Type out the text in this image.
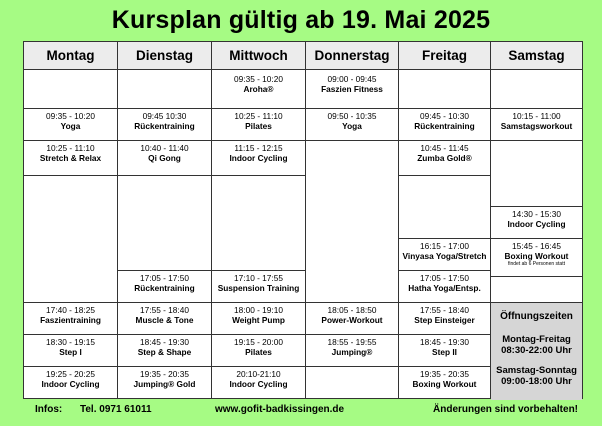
Kursplan gültig ab 19. Mai 2025
Montag
09:35 - 10:20
Yoga
10:25 - 11:10
Stretch & Relax
17:40 - 18:25
Faszientraining
18:30 - 19:15
Step I
19:25 - 20:25
Indoor Cycling
Dienstag
09:45 10:30
Rückentraining
10:40 - 11:40
Qi Gong
17:05 - 17:50
Rückentraining
17:55 - 18:40
Muscle & Tone
18:45 - 19:30
Step & Shape
19:35 - 20:35
Jumping® Gold
Mittwoch
09:35 - 10:20
Aroha®
10:25 - 11:10
Pilates
11:15 - 12:15
Indoor Cycling
17:10 - 17:55
Suspension Training
18:00 - 19:10
Weight Pump
19:15 - 20:00
Pilates
20:10-21:10
Indoor Cycling
Donnerstag
09:00 - 09:45
Faszien Fitness
09:50 - 10:35
Yoga
18:05 - 18:50
Power-Workout
18:55 - 19:55
Jumping®
Freitag
09:45 - 10:30
Rückentraining
10:45 - 11:45
Zumba Gold®
16:15 - 17:00
Vinyasa Yoga/Stretch
17:05 - 17:50
Hatha Yoga/Entsp.
17:55 - 18:40
Step Einsteiger
18:45 - 19:30
Step II
19:35 - 20:35
Boxing Workout
Samstag
10:15 - 11:00
Samstagsworkout
14:30 - 15:30
Indoor Cycling
15:45 - 16:45
Boxing Workout
findet ab 6 Personen statt
Öffnungszeiten
Montag-Freitag
08:30-22:00 Uhr
Samstag-Sonntag
09:00-18:00 Uhr
Infos: Tel. 0971 61011	www.gofit-badkissingen.de	Änderungen sind vorbehalten!
